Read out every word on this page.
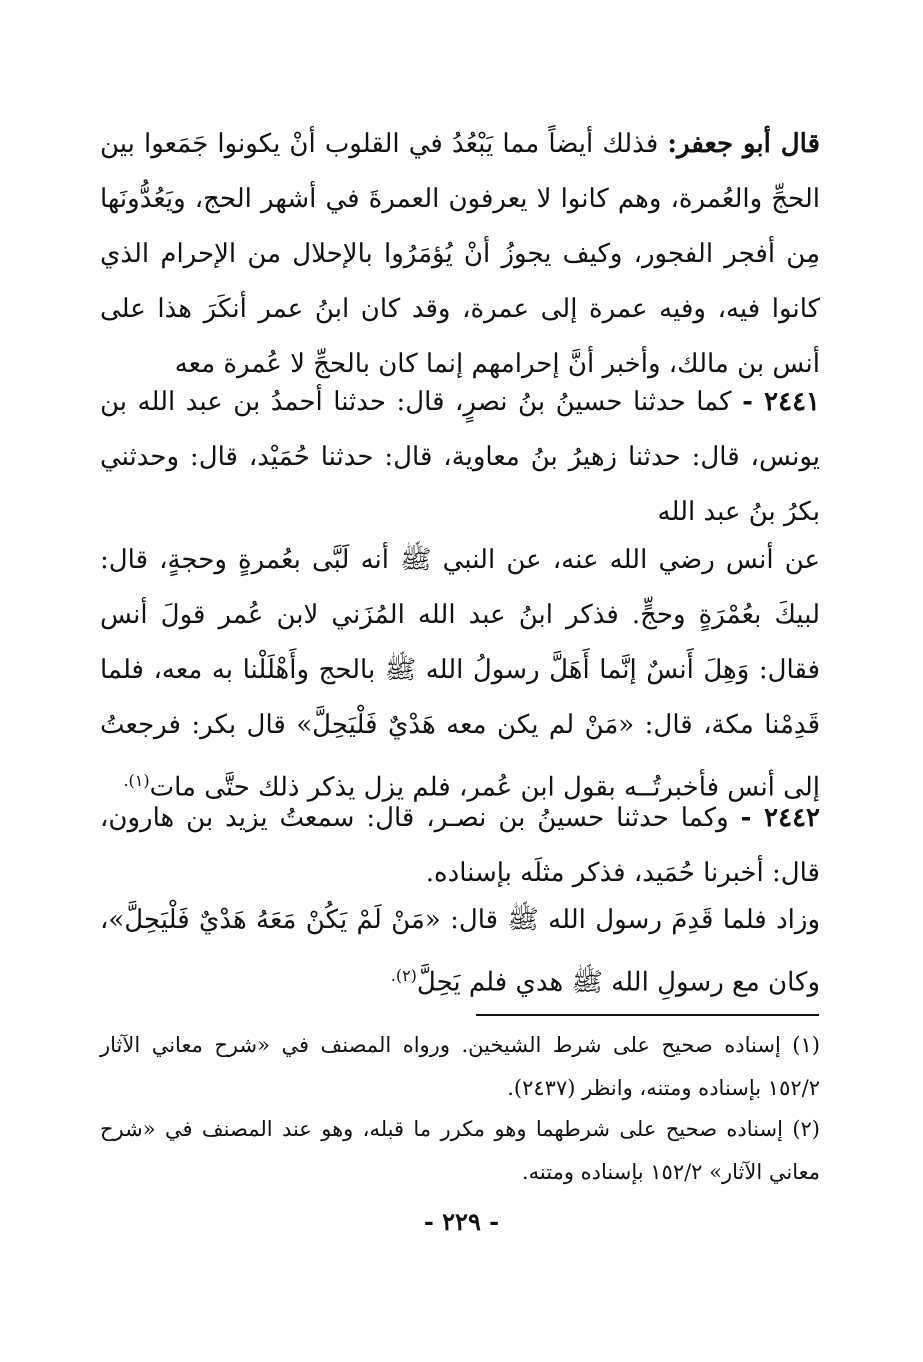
قال أبو جعفر: فذلك أيضاً مما يَبْعُدُ في القلوب أنْ يكونوا جَمَعوا بين الحجِّ والعُمرة، وهم كانوا لا يعرفون العمرةَ في أشهر الحج، ويَعُدُّونَها مِن أفجر الفجور، وكيف يجوزُ أنْ يُؤمَرُوا بالإحلال من الإحرام الذي كانوا فيه، وفيه عمرة إلى عمرة، وقد كان ابنُ عمر أنكَرَ هذا على أنس بن مالك، وأخبر أنَّ إحرامهم إنما كان بالحجِّ لا عُمرة معه

٢٤٤١ - كما حدثنا حسينُ بنُ نصرٍ، قال: حدثنا أحمدُ بن عبد الله بن يونس، قال: حدثنا زهيرُ بنُ معاوية، قال: حدثنا حُمَيْد، قال: وحدثني بكرُ بنُ عبد الله

عن أنس رضي الله عنه، عن النبي ﷺ أنه لَبَّى بعُمرةٍ وحجةٍ، قال: لبيكَ بعُمْرَةٍ وحجٍّ. فذكر ابنُ عبد الله المُزَني لابن عُمر قولَ أنس فقال: وَهِلَ أَنسٌ إنَّما أَهَلَّ رسولُ الله ﷺ بالحج وأَهْلَلْنا به معه، فلما قَدِمْنا مكة، قال: «مَنْ لم يكن معه هَدْيٌ فَلْيَحِلَّ» قال بكر: فرجعتُ إلى أنس فأخبرتُــه بقول ابن عُمر، فلم يزل يذكر ذلك حتَّى مات$^{(١).}$

٢٤٤٢ - وكما حدثنا حسينُ بن نصـر، قال: سمعتُ يزيد بن هارون، قال: أخبرنا حُمَيد، فذكر مثلَه بإسناده.

وزاد فلما قَدِمَ رسول الله ﷺ قال: «مَنْ لَمْ يَكُنْ مَعَهُ هَدْيٌ فَلْيَحِلَّ»، وكان مع رسولِ الله ﷺ هدي فلم يَحِلَّ$^{(٢).}$

(١) إسناده صحيح على شرط الشيخين. ورواه المصنف في «شرح معاني الآثار ١٥٢/٢ بإسناده ومتنه، وانظر (٢٤٣٧).

(٢) إسناده صحيح على شرطهما وهو مكرر ما قبله، وهو عند المصنف في «شرح معاني الآثار» ١٥٢/٢ بإسناده ومتنه.

- ٢٢٩ -
